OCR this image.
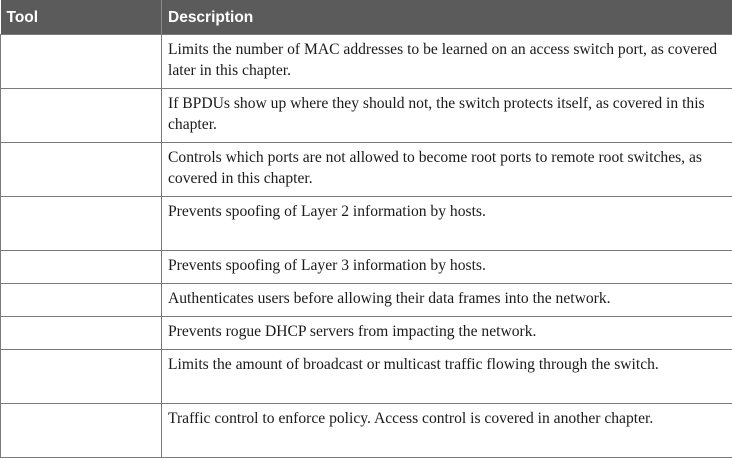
Tool	Description
	Limits the number of MAC addresses to be learned on an access switch port, as covered later in this chapter.
	If BPDUs show up where they should not, the switch protects itself, as covered in this chapter.
	Controls which ports are not allowed to become root ports to remote root switches, as covered in this chapter.
	Prevents spoofing of Layer 2 information by hosts.
	Prevents spoofing of Layer 3 information by hosts.
	Authenticates users before allowing their data frames into the network.
	Prevents rogue DHCP servers from impacting the network.
	Limits the amount of broadcast or multicast traffic flowing through the switch.
	Traffic control to enforce policy. Access control is covered in another chapter.
